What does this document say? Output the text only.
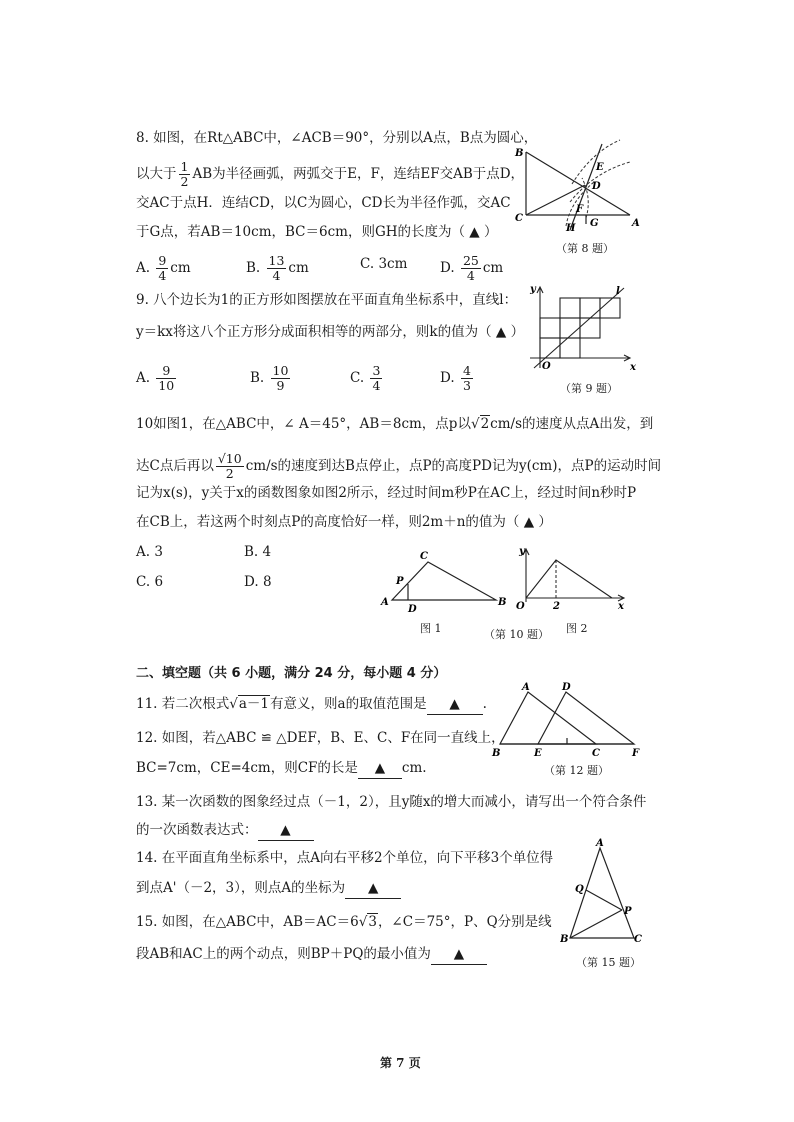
8. 如图，在Rt△ABC中，∠ACB＝90°，分别以A点，B点为圆心，
以大于 $\frac{1}{2}$ AB为半径画弧，两弧交于E，F，连结EF交AB于点D，
交AC于点H．连结CD，以C为圆心，CD长为半径作弧，交AC
于G点，若AB＝10cm，BC＝6cm，则GH的长度为（ ▲ ）
A. $\frac{9}{4}$ cm	B. $\frac{13}{4}$ cm	C. 3cm D. $\frac{25}{4}$ cm
B
C	A
D
E
F
G
H
（第 8 题）
9. 八个边长为1的正方形如图摆放在平面直角坐标系中，直线l：
y＝kx将这八个正方形分成面积相等的两部分，则k的值为（ ▲ ）
A. $\frac{9}{10}$	B. $\frac{10}{9}$	C. $\frac{3}{4}$	D. $\frac{4}{3}$
y
x
O
l
（第 9 题）
10如图1，在△ABC中，∠ A＝45°，AB＝8cm，点p以√2cm/s的速度从点A出发，到
达C点后再以 $\frac{√10}{2} cm/s$的速度到达B点停止，点P的高度PD记为y(cm)，点P的运动时间
记为x(s)，y关于x的函数图象如图2所示，经过时间m秒P在AC上，经过时间n秒时P
在CB上，若这两个时刻点P的高度恰好一样，则2m＋n的值为（ ▲ ）
A. 3	B. 4
C. 6	D. 8
A
C
B
P
D
图 1
y
O	2	x
图 2
（第 10 题）
二、填空题（共 6 小题，满分 24 分，每小题 4 分）
11. 若二次根式√a－1有意义，则a的取值范围是 ▲ .
12. 如图，若△ABC ≌ △DEF，B、E、C、F在同一直线上，
BC=7cm，CE=4cm，则CF的长是 ▲ cm.
A	D
B	E	C	F
（第 12 题）
13. 某一次函数的图象经过点（－1，2），且y随x的增大而减小，请写出一个符合条件
的一次函数表达式： ▲
14. 在平面直角坐标系中，点A向右平移2个单位，向下平移3个单位得
到点A'（－2，3），则点A的坐标为 ▲
15. 如图，在△ABC中，AB＝AC＝6√3，∠C＝75°，P、Q分别是线
段AB和AC上的两个动点，则BP＋PQ的最小值为 ▲
A
Q
P
B	C
（第 15 题）
第 7 页
